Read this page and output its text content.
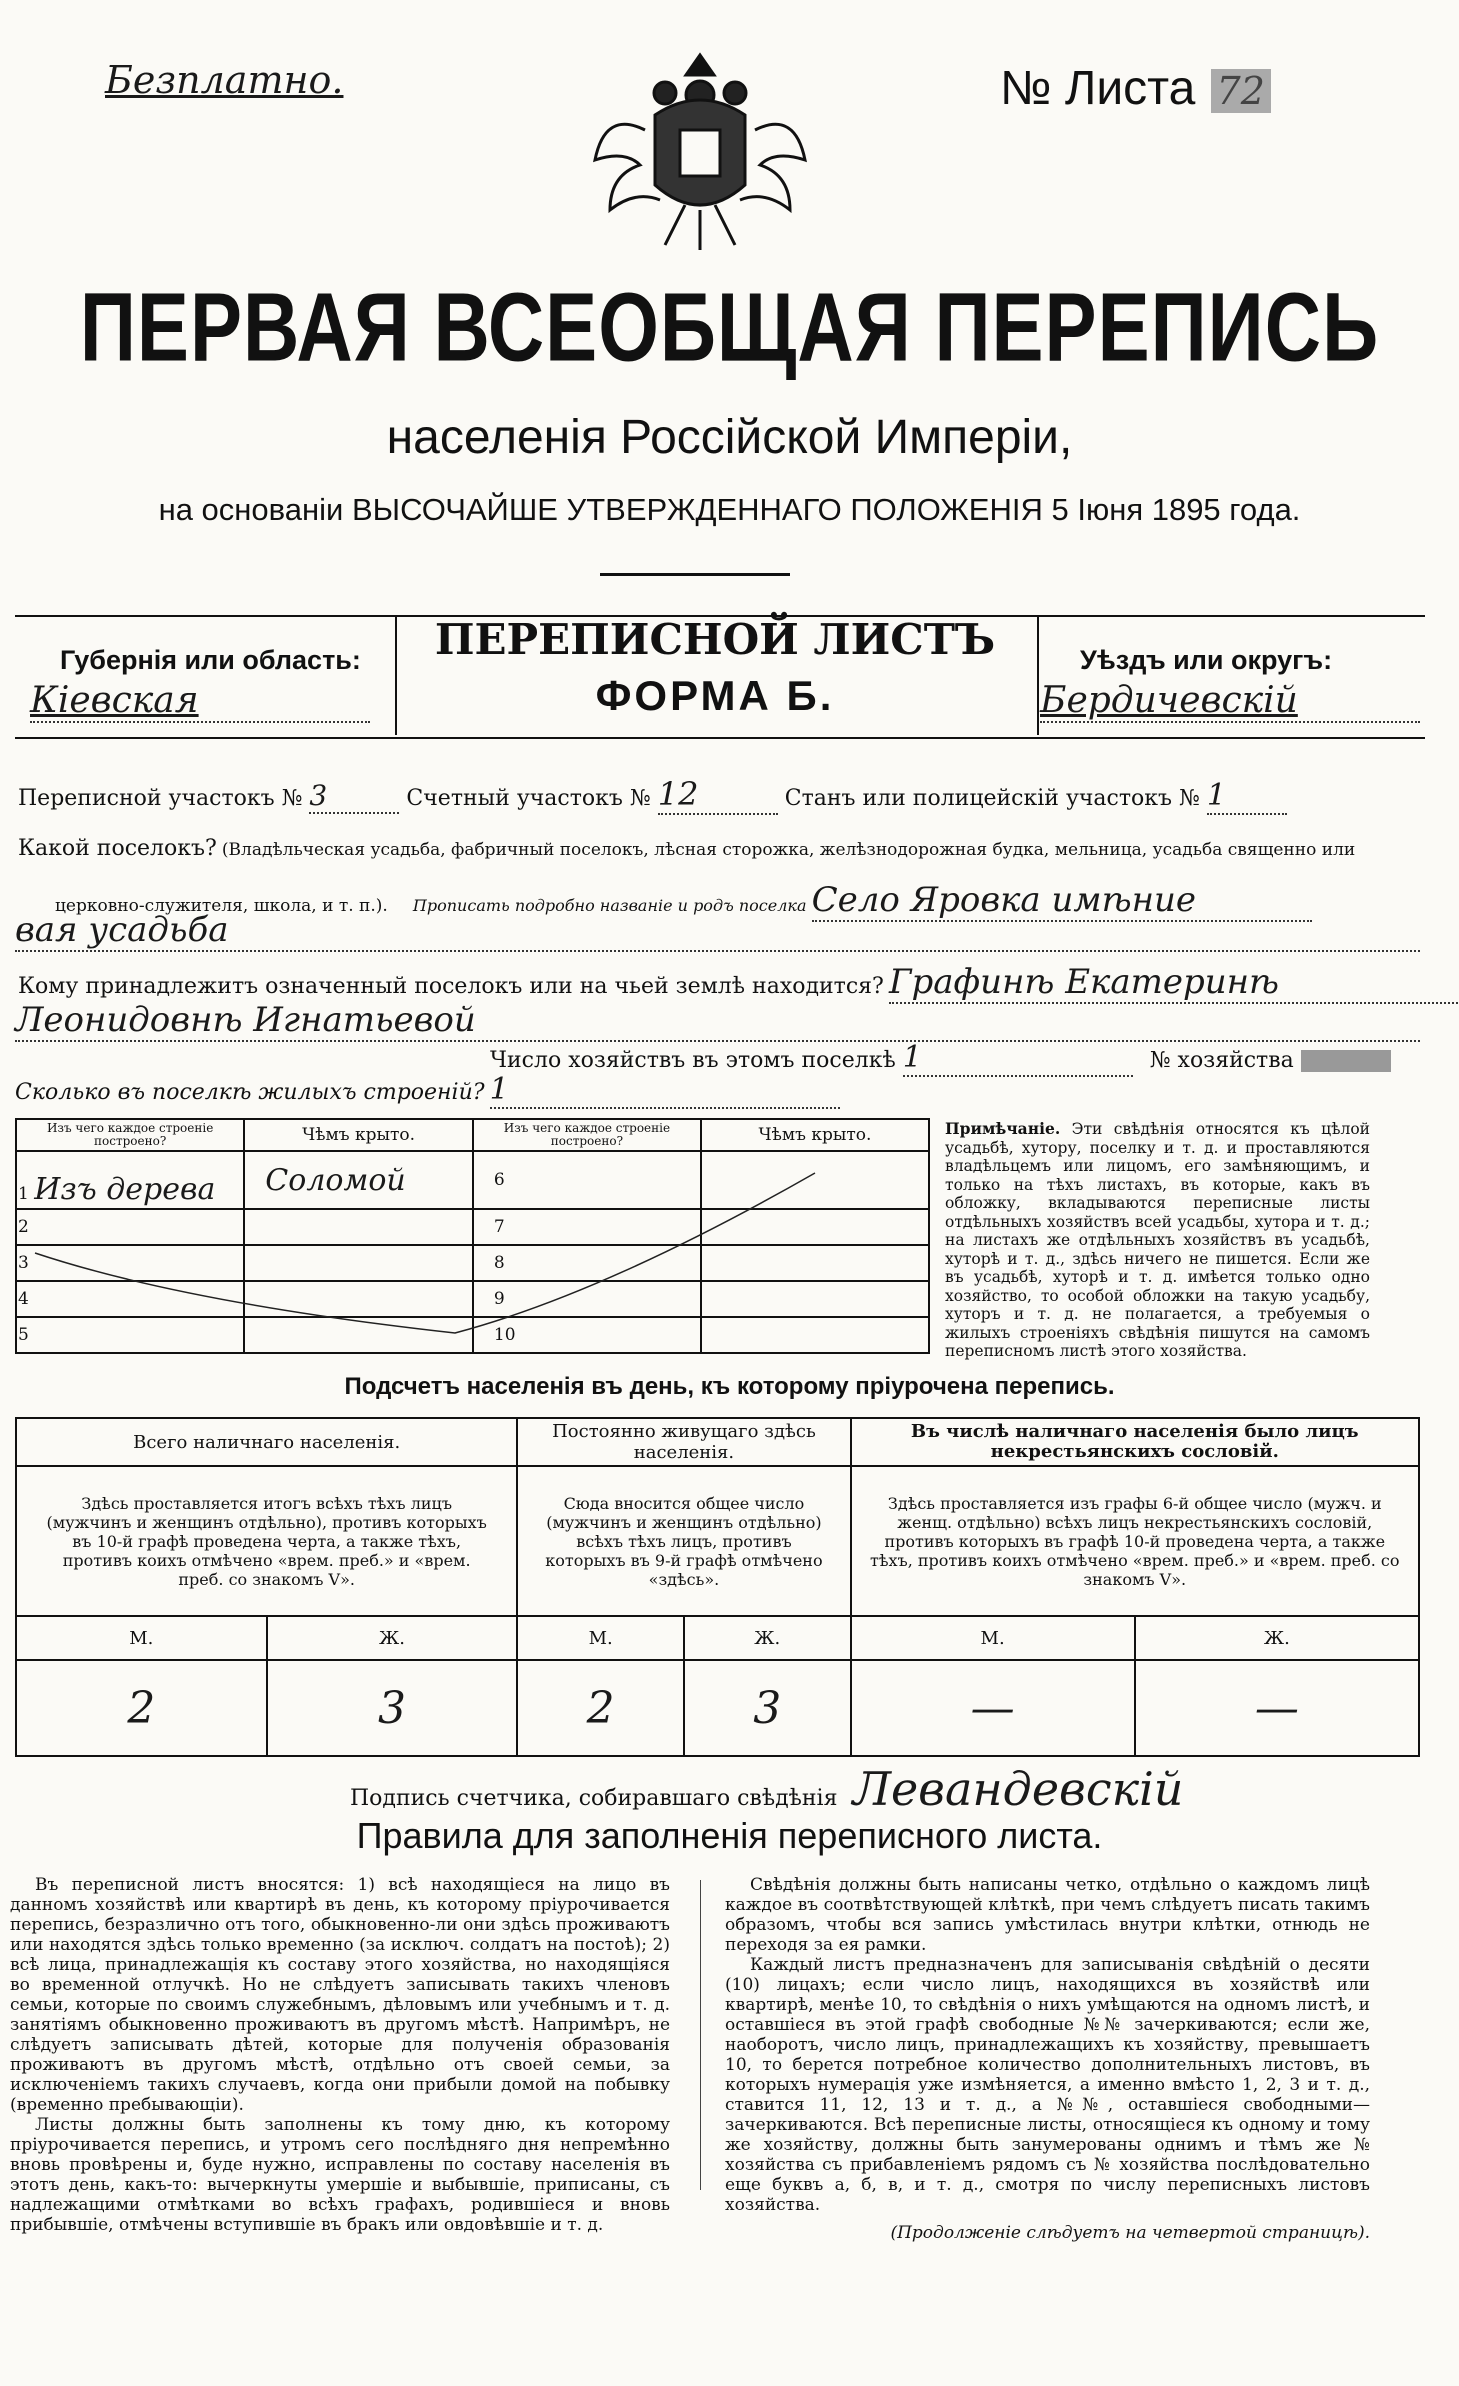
Безплатно.	№ Листа 72
ПЕРВАЯ ВСЕОБЩАЯ ПЕРЕПИСЬ
населенія Россійской Имперіи,
на основаніи ВЫСОЧАЙШЕ УТВЕРЖДЕННАГО ПОЛОЖЕНІЯ 5 Іюня 1895 года.
Губернія или область:
Кіевская
ПЕРЕПИСНОЙ ЛИСТЪ
ФОРМА Б.
Уѣздъ или округъ:
Бердичевскій
Переписной участокъ № 3	Счетный участокъ № 12	Станъ или полицейскій участокъ № 1
Какой поселокъ? (Владѣльческая усадьба, фабричный поселокъ, лѣсная сторожка, желѣзнодорожная будка, мельница, усадьба священно или
церковно-служителя, школа, и т. п.). Прописать подробно названіе и родъ поселка Село Яровка имѣние
вая усадьба
Кому принадлежитъ означенный поселокъ или на чьей землѣ находится? Графинѣ Екатеринѣ
Леонидовнѣ Игнатьевой
Число хозяйствъ въ этомъ поселкѣ 1	№ хозяйства
Сколько въ поселкѣ жилыхъ строеній? 1
Изъ чего каждое строеніе построено?	Чѣмъ крыто.	Изъ чего каждое строеніе построено?	Чѣмъ крыто.
1 Изъ дерева	Соломой	6	
2		7	
3		8	
4		9	
5		10	
Примѣчаніе. Эти свѣдѣнія относятся къ цѣлой усадьбѣ, хутору, поселку и т. д. и проставляются владѣльцемъ или лицомъ, его замѣняющимъ, и только на тѣхъ листахъ, въ которые, какъ въ обложку, вкладываются переписные листы отдѣльныхъ хозяйствъ всей усадьбы, хутора и т. д.; на листахъ же отдѣльныхъ хозяйствъ въ усадьбѣ, хуторѣ и т. д., здѣсь ничего не пишется. Если же въ усадьбѣ, хуторѣ и т. д. имѣется только одно хозяйство, то особой обложки на такую усадьбу, хуторъ и т. д. не полагается, а требуемыя о жилыхъ строеніяхъ свѣдѣнія пишутся на самомъ переписномъ листѣ этого хозяйства.
Подсчетъ населенія въ день, къ которому пріурочена перепись.
Всего наличнаго населенія.		Постоянно живущаго здѣсь населенія.		Въ числѣ наличнаго населенія было лицъ некрестьянскихъ сословій.	
Здѣсь проставляется итогъ всѣхъ тѣхъ лицъ (мужчинъ и женщинъ отдѣльно), противъ которыхъ въ 10-й графѣ проведена черта, а также тѣхъ, противъ коихъ отмѣчено «врем. преб.» и «врем. преб. со знакомъ V».		Сюда вносится общее число (мужчинъ и женщинъ отдѣльно) всѣхъ тѣхъ лицъ, противъ которыхъ въ 9-й графѣ отмѣчено «здѣсь».		Здѣсь проставляется изъ графы 6-й общее число (мужч. и женщ. отдѣльно) всѣхъ лицъ некрестьянскихъ сословій, противъ которыхъ въ графѣ 10-й проведена черта, а также тѣхъ, противъ коихъ отмѣчено «врем. преб.» и «врем. преб. со знакомъ V».	
М.	Ж.	М.	Ж.	М.	Ж.
2	3	2	3	—	—
Подпись счетчика, собиравшаго свѣдѣнія Левандевскій
Правила для заполненія переписного листа.
Въ переписной листъ вносятся: 1) всѣ находящіеся на лицо въ данномъ хозяйствѣ или квартирѣ въ день, къ которому пріурочивается перепись, безразлично отъ того, обыкновенно-ли они здѣсь проживаютъ или находятся здѣсь только временно (за исключ. солдатъ на постоѣ); 2) всѣ лица, принадлежащія къ составу этого хозяйства, но находящіяся во временной отлучкѣ. Но не слѣдуетъ записывать такихъ членовъ семьи, которые по своимъ служебнымъ, дѣловымъ или учебнымъ и т. д. занятіямъ обыкновенно проживаютъ въ другомъ мѣстѣ. Напримѣръ, не слѣдуетъ записывать дѣтей, которые для полученія образованія проживаютъ въ другомъ мѣстѣ, отдѣльно отъ своей семьи, за исключеніемъ такихъ случаевъ, когда они прибыли домой на побывку (временно пребывающіи).
Листы должны быть заполнены къ тому дню, къ которому пріурочивается перепись, и утромъ сего послѣдняго дня непремѣнно вновь провѣрены и, буде нужно, исправлены по составу населенія въ этотъ день, какъ-то: вычеркнуты умершіе и выбывшіе, приписаны, съ надлежащими отмѣтками во всѣхъ графахъ, родившіеся и вновь прибывшіе, отмѣчены вступившіе въ бракъ или овдовѣвшіе и т. д.
Свѣдѣнія должны быть написаны четко, отдѣльно о каждомъ лицѣ каждое въ соотвѣтствующей клѣткѣ, при чемъ слѣдуетъ писать такимъ образомъ, чтобы вся запись умѣстилась внутри клѣтки, отнюдь не переходя за ея рамки.
Каждый листъ предназначенъ для записыванія свѣдѣній о десяти (10) лицахъ; если число лицъ, находящихся въ хозяйствѣ или квартирѣ, менѣе 10, то свѣдѣнія о нихъ умѣщаются на одномъ листѣ, и оставшіеся въ этой графѣ свободные №№ зачеркиваются; если же, наоборотъ, число лицъ, принадлежащихъ къ хозяйству, превышаетъ 10, то берется потребное количество дополнительныхъ листовъ, въ которыхъ нумерація уже измѣняется, а именно вмѣсто 1, 2, 3 и т. д., ставится 11, 12, 13 и т. д., а №№, оставшіеся свободными—зачеркиваются. Всѣ переписные листы, относящіеся къ одному и тому же хозяйству, должны быть занумерованы однимъ и тѣмъ же № хозяйства съ прибавленіемъ рядомъ съ № хозяйства послѣдовательно еще буквъ а, б, в, и т. д., смотря по числу переписныхъ листовъ хозяйства.
(Продолженіе слѣдуетъ на четвертой страницѣ).
